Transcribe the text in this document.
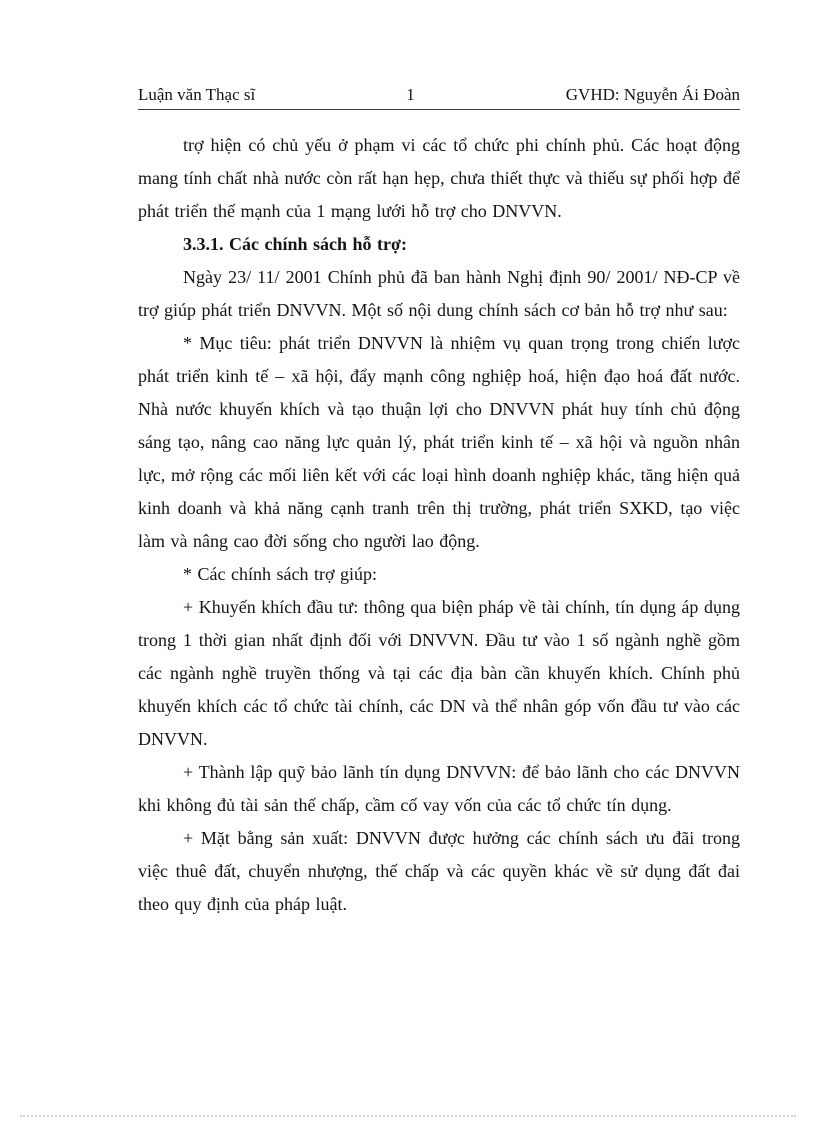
Luận văn Thạc sĩ	1	GVHD: Nguyễn Ái Đoàn

trợ hiện có chủ yếu ở phạm vi các tổ chức phi chính phủ. Các hoạt động mang tính chất nhà nước còn rất hạn hẹp, chưa thiết thực và thiếu sự phối hợp để phát triển thế mạnh của 1 mạng lưới hỗ trợ cho DNVVN.

3.3.1. Các chính sách hỗ trợ:

Ngày 23/ 11/ 2001 Chính phủ đã ban hành Nghị định 90/ 2001/ NĐ-CP về trợ giúp phát triển DNVVN. Một số nội dung chính sách cơ bản hỗ trợ như sau:

* Mục tiêu: phát triển DNVVN là nhiệm vụ quan trọng trong chiến lược phát triển kinh tế – xã hội, đẩy mạnh công nghiệp hoá, hiện đạo hoá đất nước. Nhà nước khuyến khích và tạo thuận lợi cho DNVVN phát huy tính chủ động sáng tạo, nâng cao năng lực quản lý, phát triển kinh tế – xã hội và nguồn nhân lực, mở rộng các mối liên kết với các loại hình doanh nghiệp khác, tăng hiện quả kinh doanh và khả năng cạnh tranh trên thị trường, phát triển SXKD, tạo việc làm và nâng cao đời sống cho người lao động.

* Các chính sách trợ giúp:

+ Khuyến khích đầu tư: thông qua biện pháp về tài chính, tín dụng áp dụng trong 1 thời gian nhất định đối với DNVVN. Đầu tư vào 1 số ngành nghề gồm các ngành nghề truyền thống và tại các địa bàn cần khuyến khích. Chính phủ khuyến khích các tổ chức tài chính, các DN và thể nhân góp vốn đầu tư vào các DNVVN.

+ Thành lập quỹ bảo lãnh tín dụng DNVVN: để bảo lãnh cho các DNVVN khi không đủ tài sản thế chấp, cầm cố vay vốn của các tổ chức tín dụng.

+ Mặt bằng sản xuất: DNVVN được hưởng các chính sách ưu đãi trong việc thuê đất, chuyển nhượng, thế chấp và các quyền khác về sử dụng đất đai theo quy định của pháp luật.
